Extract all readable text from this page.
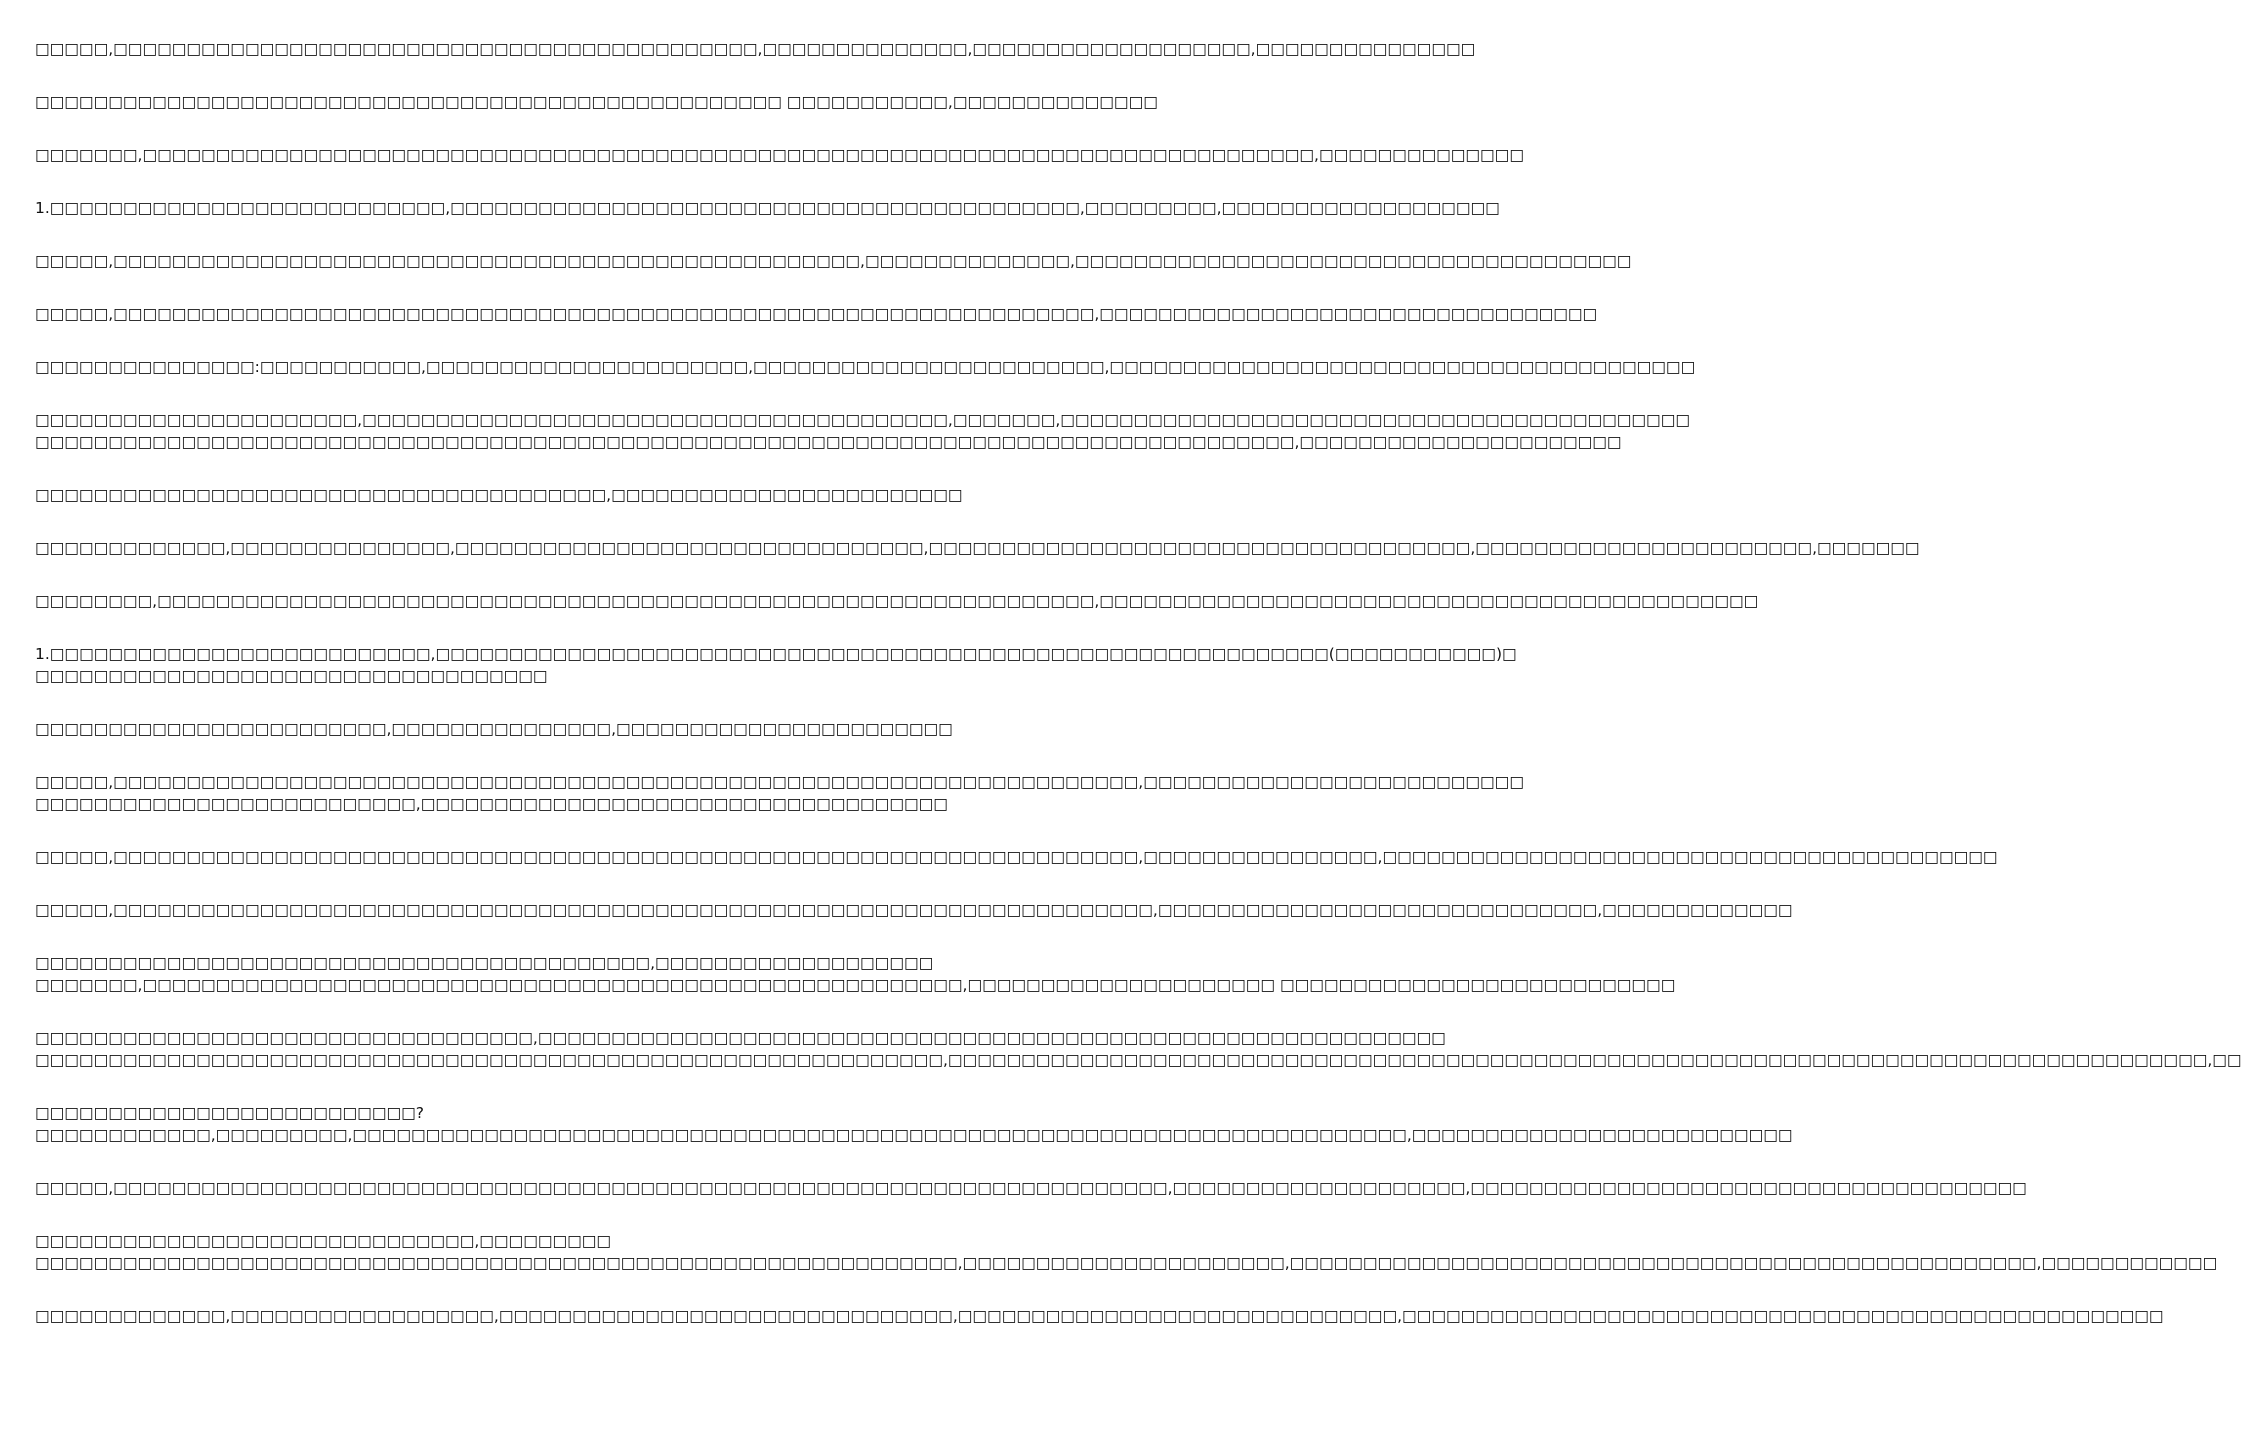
□□□□□,□□□□□□□□□□□□□□□□□□□□□□□□□□□□□□□□□□□□□□□□□□□□,□□□□□□□□□□□□□□,□□□□□□□□□□□□□□□□□□□,□□□□□□□□□□□□□□□

□□□□□□□□□□□□□□□□□□□□□□□□□□□□□□□□□□□□□□□□□□□□□□□□□□□ □□□□□□□□□□□,□□□□□□□□□□□□□□

□□□□□□□,□□□□□□□□□□□□□□□□□□□□□□□□□□□□□□□□□□□□□□□□□□□□□□□□□□□□□□□□□□□□□□□□□□□□□□□□□□□□□□□□,□□□□□□□□□□□□□□

1.□□□□□□□□□□□□□□□□□□□□□□□□□□□,□□□□□□□□□□□□□□□□□□□□□□□□□□□□□□□□□□□□□□□□□□□,□□□□□□□□□,□□□□□□□□□□□□□□□□□□□

□□□□□,□□□□□□□□□□□□□□□□□□□□□□□□□□□□□□□□□□□□□□□□□□□□□□□□□□□,□□□□□□□□□□□□□□,□□□□□□□□□□□□□□□□□□□□□□□□□□□□□□□□□□□□□□

□□□□□,□□□□□□□□□□□□□□□□□□□□□□□□□□□□□□□□□□□□□□□□□□□□□□□□□□□□□□□□□□□□□□□□□□□,□□□□□□□□□□□□□□□□□□□□□□□□□□□□□□□□□□

□□□□□□□□□□□□□□□:□□□□□□□□□□□,□□□□□□□□□□□□□□□□□□□□□□,□□□□□□□□□□□□□□□□□□□□□□□□,□□□□□□□□□□□□□□□□□□□□□□□□□□□□□□□□□□□□□□□□

□□□□□□□□□□□□□□□□□□□□□□,□□□□□□□□□□□□□□□□□□□□□□□□□□□□□□□□□□□□□□□□,□□□□□□□,□□□□□□□□□□□□□□□□□□□□□□□□□□□□□□□□□□□□□□□□□□□
□□□□□□□□□□□□□□□□□□□□□□□□□□□□□□□□□□□□□□□□□□□□□□□□□□□□□□□□□□□□□□□□□□□□□□□□□□□□□□□□□□□□□□,□□□□□□□□□□□□□□□□□□□□□□

□□□□□□□□□□□□□□□□□□□□□□□□□□□□□□□□□□□□□□□,□□□□□□□□□□□□□□□□□□□□□□□□

□□□□□□□□□□□□□,□□□□□□□□□□□□□□□,□□□□□□□□□□□□□□□□□□□□□□□□□□□□□□□□,□□□□□□□□□□□□□□□□□□□□□□□□□□□□□□□□□□□□□,□□□□□□□□□□□□□□□□□□□□□□□,□□□□□□□

□□□□□□□□,□□□□□□□□□□□□□□□□□□□□□□□□□□□□□□□□□□□□□□□□□□□□□□□□□□□□□□□□□□□□□□□□,□□□□□□□□□□□□□□□□□□□□□□□□□□□□□□□□□□□□□□□□□□□□□

1.□□□□□□□□□□□□□□□□□□□□□□□□□□,□□□□□□□□□□□□□□□□□□□□□□□□□□□□□□□□□□□□□□□□□□□□□□□□□□□□□□□□□□□□□(□□□□□□□□□□□)□
□□□□□□□□□□□□□□□□□□□□□□□□□□□□□□□□□□□

□□□□□□□□□□□□□□□□□□□□□□□□,□□□□□□□□□□□□□□□,□□□□□□□□□□□□□□□□□□□□□□□

□□□□□,□□□□□□□□□□□□□□□□□□□□□□□□□□□□□□□□□□□□□□□□□□□□□□□□□□□□□□□□□□□□□□□□□□□□□□,□□□□□□□□□□□□□□□□□□□□□□□□□□
□□□□□□□□□□□□□□□□□□□□□□□□□□,□□□□□□□□□□□□□□□□□□□□□□□□□□□□□□□□□□□□

□□□□□,□□□□□□□□□□□□□□□□□□□□□□□□□□□□□□□□□□□□□□□□□□□□□□□□□□□□□□□□□□□□□□□□□□□□□□,□□□□□□□□□□□□□□□□,□□□□□□□□□□□□□□□□□□□□□□□□□□□□□□□□□□□□□□□□□□

□□□□□,□□□□□□□□□□□□□□□□□□□□□□□□□□□□□□□□□□□□□□□□□□□□□□□□□□□□□□□□□□□□□□□□□□□□□□□,□□□□□□□□□□□□□□□□□□□□□□□□□□□□□□,□□□□□□□□□□□□□

□□□□□□□□□□□□□□□□□□□□□□□□□□□□□□□□□□□□□□□□□□,□□□□□□□□□□□□□□□□□□□
□□□□□□□,□□□□□□□□□□□□□□□□□□□□□□□□□□□□□□□□□□□□□□□□□□□□□□□□□□□□□□□□,□□□□□□□□□□□□□□□□□□□□□ □□□□□□□□□□□□□□□□□□□□□□□□□□□

□□□□□□□□□□□□□□□□□□□□□□□□□□□□□□□□□□,□□□□□□□□□□□□□□□□□□□□□□□□□□□□□□□□□□□□□□□□□□□□□□□□□□□□□□□□□□□□□□
□□□□□□□□□□□□□□□□□□□□□□□□□□□□□□□□□□□□□□□□□□□□□□□□□□□□□□□□□□□□□□,□□□□□□□□□□□□□□□□□□□□□□□□□□□□□□□□□□□□□□□□□□□□□□□□□□□□□□□□□□□□□□□□□□□□□□□□□□□□□□□□□□□□□□,□□

□□□□□□□□□□□□□□□□□□□□□□□□□□?
□□□□□□□□□□□□,□□□□□□□□□,□□□□□□□□□□□□□□□□□□□□□□□□□□□□□□□□□□□□□□□□□□□□□□□□□□□□□□□□□□□□□□□□□□□□□□□□,□□□□□□□□□□□□□□□□□□□□□□□□□□

□□□□□,□□□□□□□□□□□□□□□□□□□□□□□□□□□□□□□□□□□□□□□□□□□□□□□□□□□□□□□□□□□□□□□□□□□□□□□□,□□□□□□□□□□□□□□□□□□□□,□□□□□□□□□□□□□□□□□□□□□□□□□□□□□□□□□□□□□□

□□□□□□□□□□□□□□□□□□□□□□□□□□□□□□,□□□□□□□□□
□□□□□□□□□□□□□□□□□□□□□□□□□□□□□□□□□□□□□□□□□□□□□□□□□□□□□□□□□□□□□□□,□□□□□□□□□□□□□□□□□□□□□□,□□□□□□□□□□□□□□□□□□□□□□□□□□□□□□□□□□□□□□□□□□□□□□□□□□□,□□□□□□□□□□□□

□□□□□□□□□□□□□,□□□□□□□□□□□□□□□□□□,□□□□□□□□□□□□□□□□□□□□□□□□□□□□□□□,□□□□□□□□□□□□□□□□□□□□□□□□□□□□□□,□□□□□□□□□□□□□□□□□□□□□□□□□□□□□□□□□□□□□□□□□□□□□□□□□□□□
